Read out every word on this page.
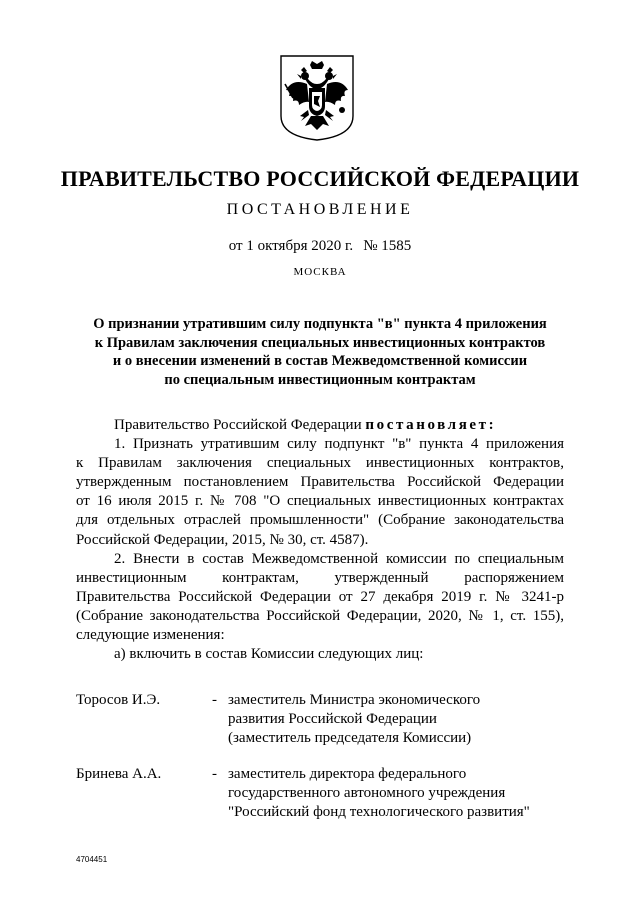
ПРАВИТЕЛЬСТВО РОССИЙСКОЙ ФЕДЕРАЦИИ
ПОСТАНОВЛЕНИЕ
от 1 октября 2020 г. № 1585
МОСКВА
О признании утратившим силу подпункта "в" пункта 4 приложения
к Правилам заключения специальных инвестиционных контрактов
и о внесении изменений в состав Межведомственной комиссии
по специальным инвестиционным контрактам
Правительство Российской Федерации постановляет:
1. Признать утратившим силу подпункт "в" пункта 4 приложения
к Правилам заключения специальных инвестиционных контрактов,
утвержденным постановлением Правительства Российской Федерации
от 16 июля 2015 г. № 708 "О специальных инвестиционных контрактах
для отдельных отраслей промышленности" (Собрание законодательства
Российской Федерации, 2015, № 30, ст. 4587).
2. Внести в состав Межведомственной комиссии по специальным
инвестиционным контрактам, утвержденный распоряжением
Правительства Российской Федерации от 27 декабря 2019 г. № 3241-р
(Собрание законодательства Российской Федерации, 2020, № 1, ст. 155),
следующие изменения:
а) включить в состав Комиссии следующих лиц:
Торосов И.Э.	- заместитель Министра экономического
развития Российской Федерации
(заместитель председателя Комиссии)
Бринева А.А.	- заместитель директора федерального
государственного автономного учреждения
"Российский фонд технологического развития"
4704451
